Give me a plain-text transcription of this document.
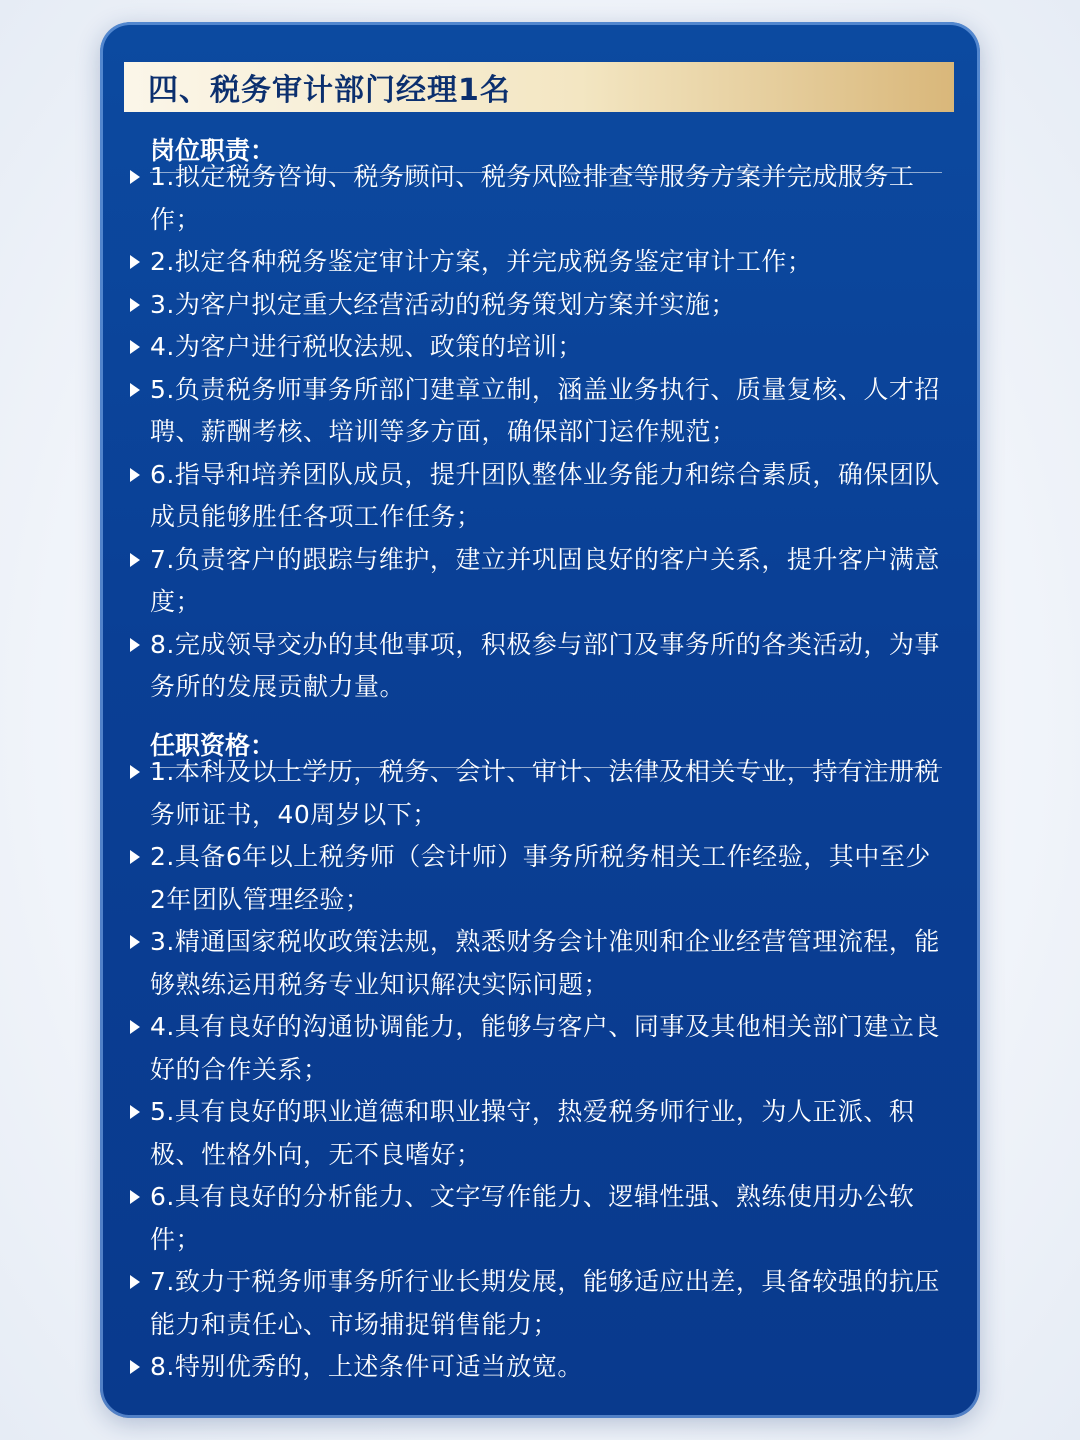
四、税务审计部门经理1名
岗位职责：
1.拟定税务咨询、税务顾问、税务风险排查等服务方案并完成服务工作；
2.拟定各种税务鉴定审计方案，并完成税务鉴定审计工作；
3.为客户拟定重大经营活动的税务策划方案并实施；
4.为客户进行税收法规、政策的培训；
5.负责税务师事务所部门建章立制，涵盖业务执行、质量复核、人才招聘、薪酬考核、培训等多方面，确保部门运作规范；
6.指导和培养团队成员，提升团队整体业务能力和综合素质，确保团队成员能够胜任各项工作任务；
7.负责客户的跟踪与维护，建立并巩固良好的客户关系，提升客户满意度；
8.完成领导交办的其他事项，积极参与部门及事务所的各类活动，为事务所的发展贡献力量。
任职资格：
1.本科及以上学历，税务、会计、审计、法律及相关专业，持有注册税务师证书，40周岁以下；
2.具备6年以上税务师（会计师）事务所税务相关工作经验，其中至少2年团队管理经验；
3.精通国家税收政策法规，熟悉财务会计准则和企业经营管理流程，能够熟练运用税务专业知识解决实际问题；
4.具有良好的沟通协调能力，能够与客户、同事及其他相关部门建立良好的合作关系；
5.具有良好的职业道德和职业操守，热爱税务师行业，为人正派、积极、性格外向，无不良嗜好；
6.具有良好的分析能力、文字写作能力、逻辑性强、熟练使用办公软件；
7.致力于税务师事务所行业长期发展，能够适应出差，具备较强的抗压能力和责任心、市场捕捉销售能力；
8.特别优秀的，上述条件可适当放宽。
